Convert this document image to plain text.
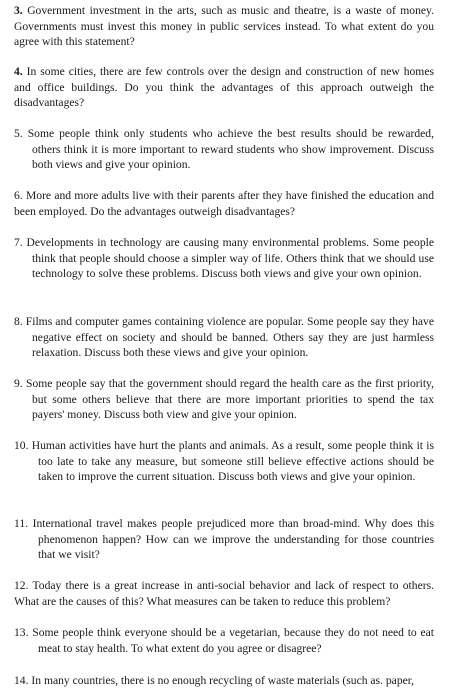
3. Government investment in the arts, such as music and theatre, is a waste of money. Governments must invest this money in public services instead. To what extent do you agree with this statement?

4. In some cities, there are few controls over the design and construction of new homes and office buildings. Do you think the advantages of this approach outweigh the disadvantages?

5. Some people think only students who achieve the best results should be rewarded, others think it is more important to reward students who show improvement. Discuss both views and give your opinion.

6. More and more adults live with their parents after they have finished the education and been employed. Do the advantages outweigh disadvantages?

7. Developments in technology are causing many environmental problems. Some people think that people should choose a simpler way of life. Others think that we should use technology to solve these problems. Discuss both views and give your own opinion.

8. Films and computer games containing violence are popular. Some people say they have negative effect on society and should be banned. Others say they are just harmless relaxation. Discuss both these views and give your opinion.

9. Some people say that the government should regard the health care as the first priority, but some others believe that there are more important priorities to spend the tax payers' money. Discuss both view and give your opinion.

10. Human activities have hurt the plants and animals. As a result, some people think it is too late to take any measure, but someone still believe effective actions should be taken to improve the current situation. Discuss both views and give your opinion.

11. International travel makes people prejudiced more than broad-mind. Why does this phenomenon happen? How can we improve the understanding for those countries that we visit?

12. Today there is a great increase in anti-social behavior and lack of respect to others. What are the causes of this? What measures can be taken to reduce this problem?

13. Some people think everyone should be a vegetarian, because they do not need to eat meat to stay health. To what extent do you agree or disagree?

14. In many countries, there is no enough recycling of waste materials (such as. paper,
